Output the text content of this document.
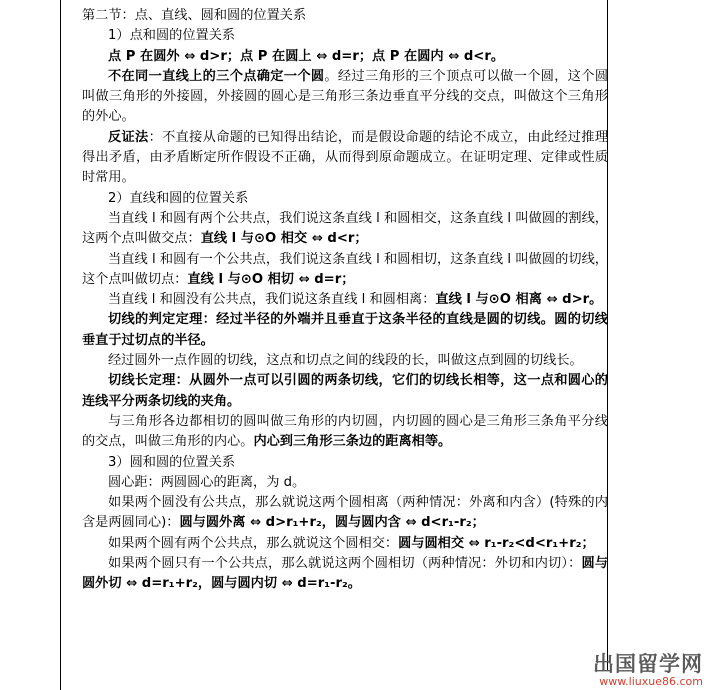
第二节：点、直线、圆和圆的位置关系

1）点和圆的位置关系

点 P 在圆外 ⇔ d>r；点 P 在圆上 ⇔ d=r；点 P 在圆内 ⇔ d<r。

不在同一直线上的三个点确定一个圆。经过三角形的三个顶点可以做一个圆，这个圆叫做三角形的外接圆，外接圆的圆心是三角形三条边垂直平分线的交点，叫做这个三角形的外心。

反证法：不直接从命题的已知得出结论，而是假设命题的结论不成立，由此经过推理得出矛盾，由矛盾断定所作假设不正确，从而得到原命题成立。在证明定理、定律或性质时常用。

2）直线和圆的位置关系

当直线 l 和圆有两个公共点，我们说这条直线 l 和圆相交，这条直线 l 叫做圆的割线，这两个点叫做交点：直线 l 与⊙O 相交 ⇔ d<r；

当直线 l 和圆有一个公共点，我们说这条直线 l 和圆相切，这条直线 l 叫做圆的切线，这个点叫做切点：直线 l 与⊙O 相切 ⇔ d=r；

当直线 l 和圆没有公共点，我们说这条直线 l 和圆相离：直线 l 与⊙O 相离 ⇔ d>r。

切线的判定定理：经过半径的外端并且垂直于这条半径的直线是圆的切线。圆的切线垂直于过切点的半径。

经过圆外一点作圆的切线，这点和切点之间的线段的长，叫做这点到圆的切线长。

切线长定理：从圆外一点可以引圆的两条切线，它们的切线长相等，这一点和圆心的连线平分两条切线的夹角。

与三角形各边都相切的圆叫做三角形的内切圆，内切圆的圆心是三角形三条角平分线的交点，叫做三角形的内心。内心到三角形三条边的距离相等。

3）圆和圆的位置关系

圆心距：两圆圆心的距离，为 d。

如果两个圆没有公共点，那么就说这两个圆相离（两种情况：外离和内含）(特殊的内含是两圆同心)：圆与圆外离 ⇔ d>r₁+r₂，圆与圆内含 ⇔ d<r₁-r₂；

如果两个圆有两个公共点，那么就说这个圆相交：圆与圆相交 ⇔ r₁-r₂<d<r₁+r₂；

如果两个圆只有一个公共点，那么就说这两个圆相切（两种情况：外切和内切）：圆与圆外切 ⇔ d=r₁+r₂，圆与圆内切 ⇔ d=r₁-r₂。

出国留学网
www.liuxue86.com
